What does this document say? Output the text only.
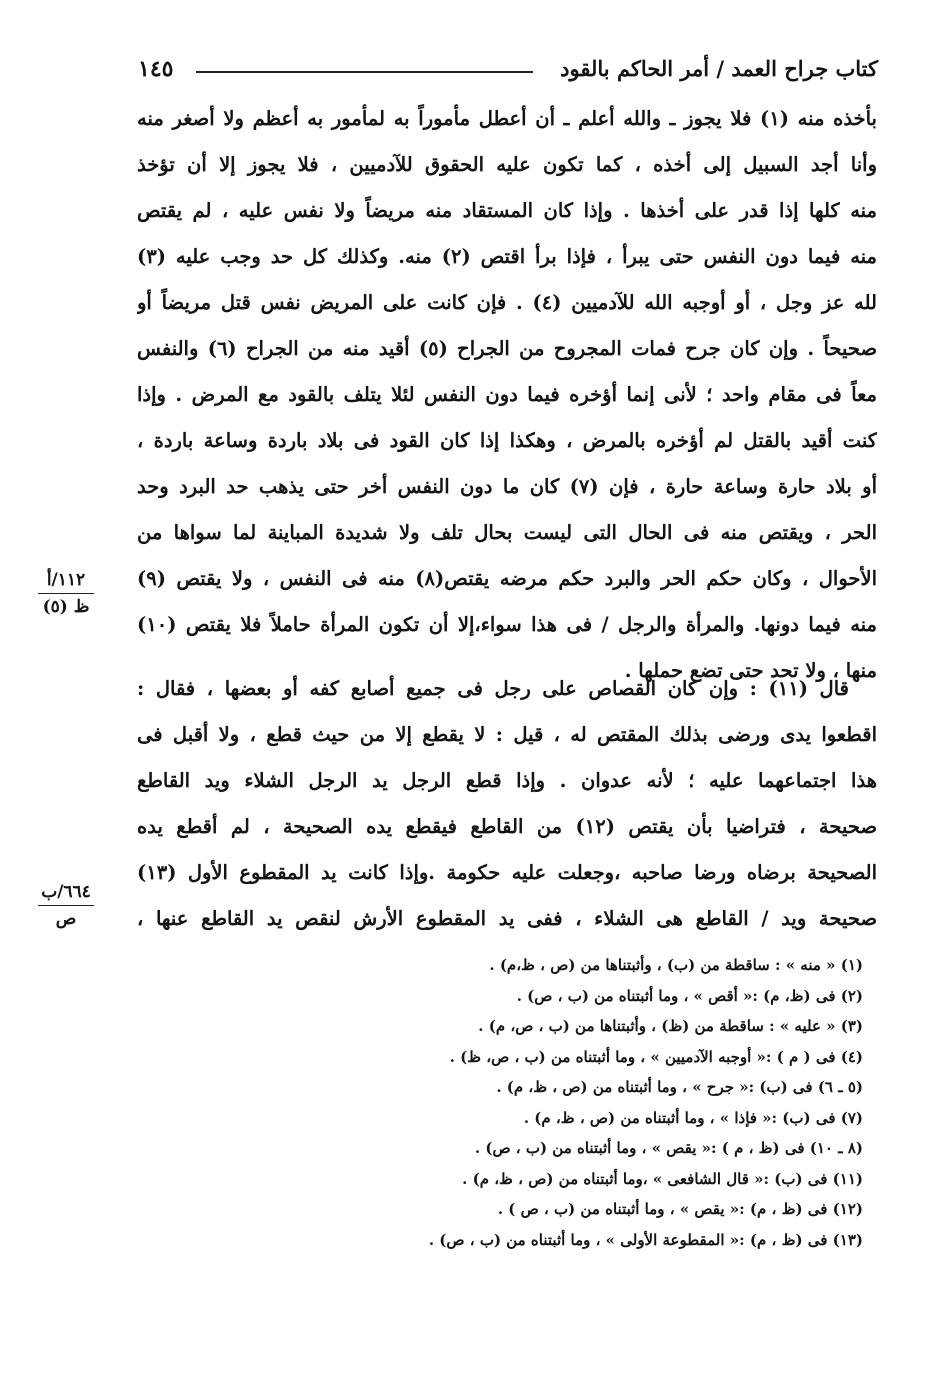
كتاب جراح العمد / أمر الحاكم بالقود
١٤٥
بأخذه منه (١) فلا يجوز ـ والله أعلم ـ أن أعطل مأموراً به لمأمور به أعظم ولا أصغر منه
وأنا أجد السبيل إلى أخذه ، كما تكون عليه الحقوق للآدميين ، فلا يجوز إلا أن تؤخذ
منه كلها إذا قدر على أخذها . وإذا كان المستقاد منه مريضاً ولا نفس عليه ، لم يقتص
منه فيما دون النفس حتى يبرأ ، فإذا برأ اقتص (٢) منه. وكذلك كل حد وجب عليه (٣)
لله عز وجل ، أو أوجبه الله للآدميين (٤) . فإن كانت على المريض نفس قتل مريضاً أو
صحيحاً . وإن كان جرح فمات المجروح من الجراح (٥) أقيد منه من الجراح (٦) والنفس
معاً فى مقام واحد ؛ لأنى إنما أؤخره فيما دون النفس لئلا يتلف بالقود مع المرض . وإذا
كنت أقيد بالقتل لم أؤخره بالمرض ، وهكذا إذا كان القود فى بلاد باردة وساعة باردة ،
أو بلاد حارة وساعة حارة ، فإن (٧) كان ما دون النفس أخر حتى يذهب حد البرد وحد
الحر ، ويقتص منه فى الحال التى ليست بحال تلف ولا شديدة المباينة لما سواها من
الأحوال ، وكان حكم الحر والبرد حكم مرضه يقتص(٨) منه فى النفس ، ولا يقتص (٩)
منه فيما دونها. والمرأة والرجل / فى هذا سواء،إلا أن تكون المرأة حاملاً فلا يقتص (١٠)
منها ، ولا تحد حتى تضع حملها .
قال (١١) : وإن كان القصاص على رجل فى جميع أصابع كفه أو بعضها ، فقال :
اقطعوا يدى ورضى بذلك المقتص له ، قيل : لا يقطع إلا من حيث قطع ، ولا أقبل فى
هذا اجتماعهما عليه ؛ لأنه عدوان . وإذا قطع الرجل يد الرجل الشلاء ويد القاطع
صحيحة ، فتراضيا بأن يقتص (١٢) من القاطع فيقطع يده الصحيحة ، لم أقطع يده
الصحيحة برضاه ورضا صاحبه ،وجعلت عليه حكومة .وإذا كانت يد المقطوع الأول (١٣)
صحيحة ويد / القاطع هى الشلاء ، ففى يد المقطوع الأرش لنقص يد القاطع عنها ،
١١٢/أ
ظ (٥)
٦٦٤/ب
ص
(١) « منه » : ساقطة من (ب) ، وأثبتناها من (ص ، ظ،م) .
(٢) فى (ظ، م) :« أقص » ، وما أثبتناه من (ب ، ص) .
(٣) « عليه » : ساقطة من (ظ) ، وأثبتناها من (ب ، ص، م) .
(٤) فى ( م ) :« أوجبه الآدميين » ، وما أثبتناه من (ب ، ص، ظ) .
(٥ ـ ٦) فى (ب) :« جرح » ، وما أثبتناه من (ص ، ظ، م) .
(٧) فى (ب) :« فإذا » ، وما أثبتناه من (ص ، ظ، م) .
(٨ ـ ١٠) فى (ظ ، م ) :« يقص » ، وما أثبتناه من (ب ، ص) .
(١١) فى (ب) :« قال الشافعى » ،وما أثبتناه من (ص ، ظ، م) .
(١٢) فى (ظ ، م) :« يقص » ، وما أثبتناه من (ب ، ص ) .
(١٣) فى (ظ ، م) :« المقطوعة الأولى » ، وما أثبتناه من (ب ، ص) .
